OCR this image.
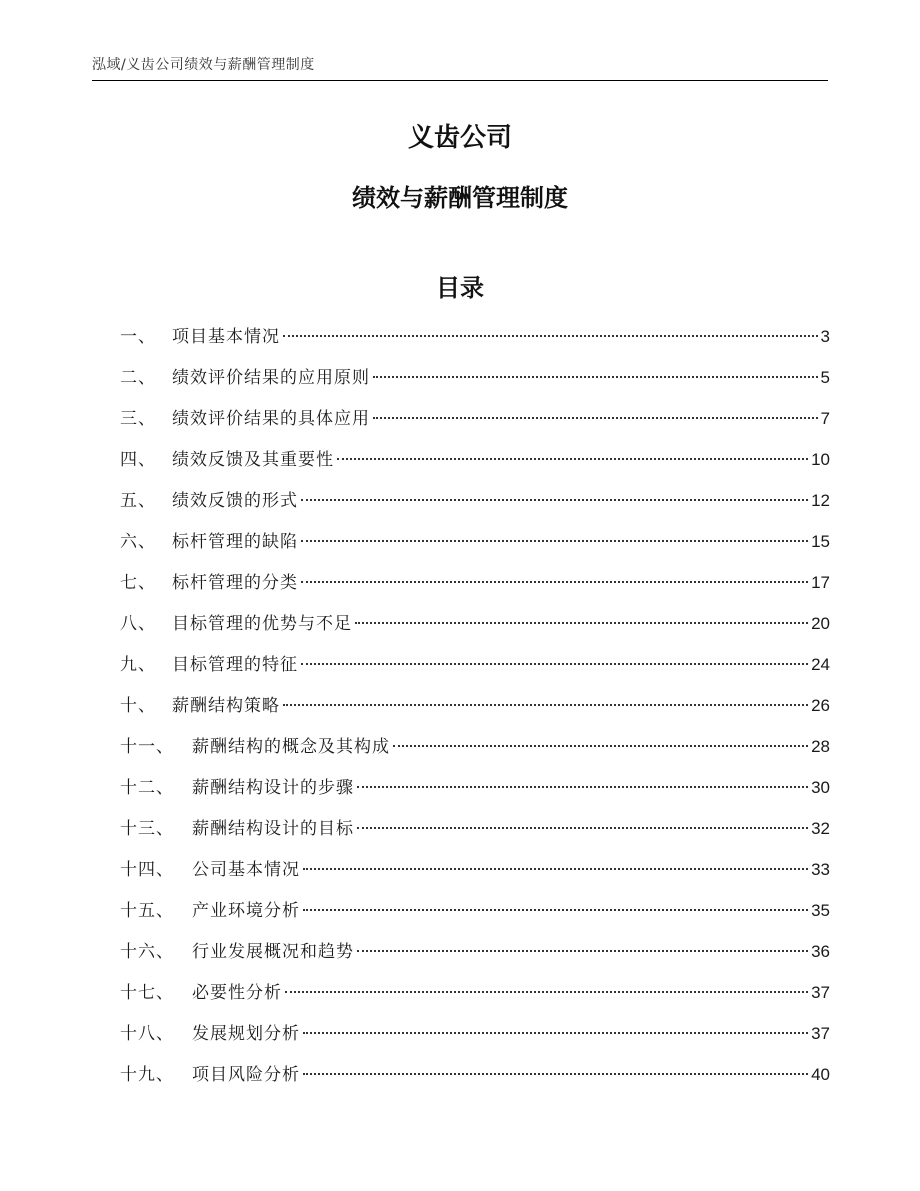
泓域/义齿公司绩效与薪酬管理制度
义齿公司
绩效与薪酬管理制度
目录
一、 项目基本情况	3
二、 绩效评价结果的应用原则	5
三、 绩效评价结果的具体应用	7
四、 绩效反馈及其重要性	10
五、 绩效反馈的形式	12
六、 标杆管理的缺陷	15
七、 标杆管理的分类	17
八、 目标管理的优势与不足	20
九、 目标管理的特征	24
十、 薪酬结构策略	26
十一、	薪酬结构的概念及其构成	28
十二、	薪酬结构设计的步骤	30
十三、	薪酬结构设计的目标	32
十四、	公司基本情况	33
十五、	产业环境分析	35
十六、	行业发展概况和趋势	36
十七、	必要性分析	37
十八、	发展规划分析	37
十九、	项目风险分析	40
